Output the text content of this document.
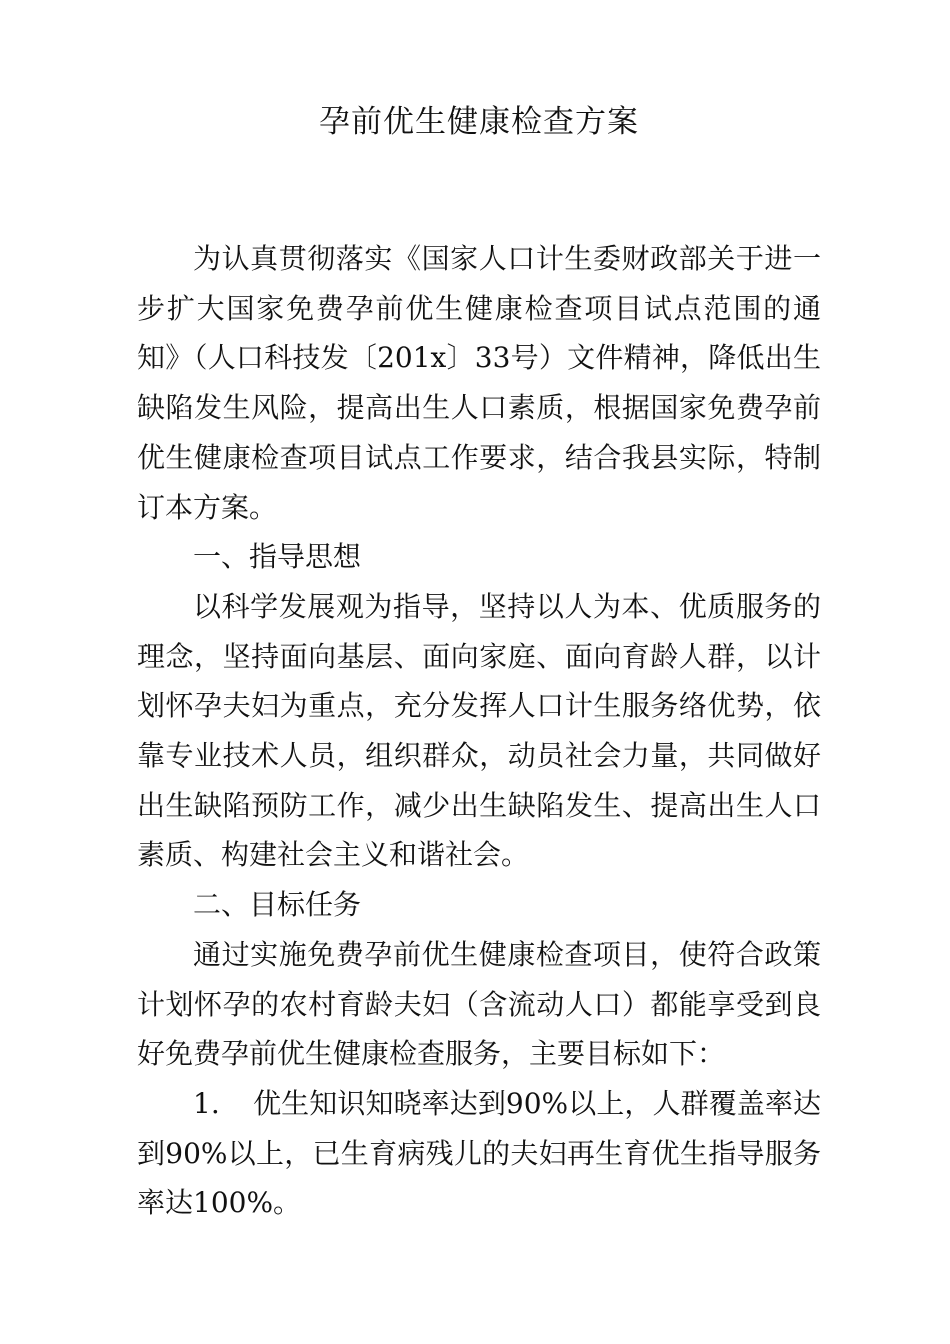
孕前优生健康检查方案

为认真贯彻落实《国家人口计生委财政部关于进一步扩大国家免费孕前优生健康检查项目试点范围的通知》（人口科技发〔201x〕33号）文件精神，降低出生缺陷发生风险，提高出生人口素质，根据国家免费孕前优生健康检查项目试点工作要求，结合我县实际，特制订本方案。

一、指导思想

以科学发展观为指导，坚持以人为本、优质服务的理念，坚持面向基层、面向家庭、面向育龄人群，以计划怀孕夫妇为重点，充分发挥人口计生服务络优势，依靠专业技术人员，组织群众，动员社会力量，共同做好出生缺陷预防工作，减少出生缺陷发生、提高出生人口素质、构建社会主义和谐社会。

二、目标任务

通过实施免费孕前优生健康检查项目，使符合政策计划怀孕的农村育龄夫妇（含流动人口）都能享受到良好免费孕前优生健康检查服务，主要目标如下：

1. 优生知识知晓率达到90%以上，人群覆盖率达到90%以上，已生育病残儿的夫妇再生育优生指导服务率达100%。
